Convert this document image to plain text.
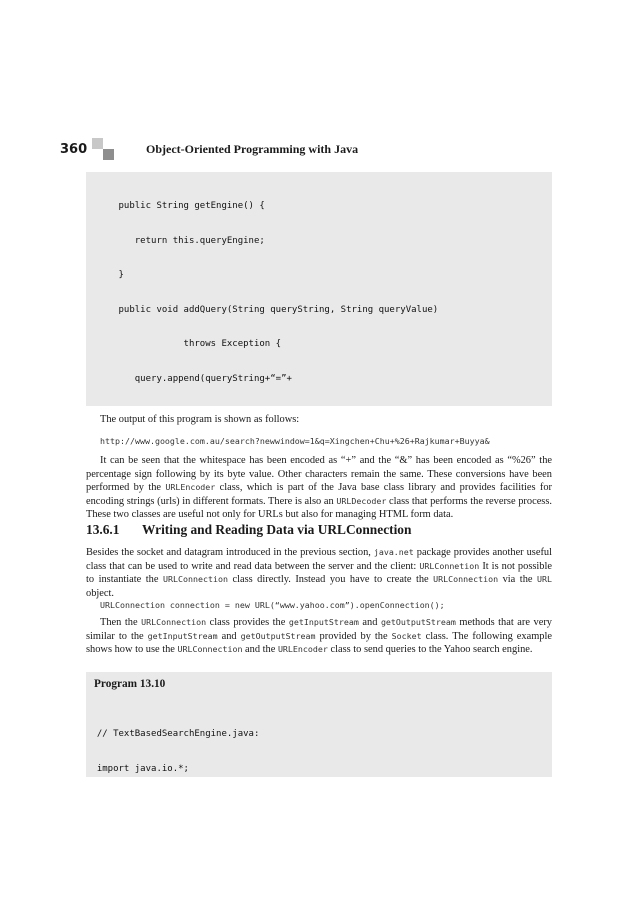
360	Object-Oriented Programming with Java

public String getEngine() {

return this.queryEngine;

}

public void addQuery(String queryString, String queryValue)

throws Exception {

query.append(queryString+“=”+

The output of this program is shown as follows:

http://www.google.com.au/search?newwindow=1&q=Xingchen+Chu+%26+Rajkumar+Buyya&

It can be seen that the whitespace has been encoded as “+” and the “&” has been encoded as “%26” the percentage sign following by its byte value. Other characters remain the same. These conversions have been performed by the URLEncoder class, which is part of the Java base class library and provides facilities for encoding strings (urls) in different formats. There is also an URLDecoder class that performs the reverse process. These two classes are useful not only for URLs but also for managing HTML form data.

13.6.1 Writing and Reading Data via URLConnection

Besides the socket and datagram introduced in the previous section, java.net package provides another useful class that can be used to write and read data between the server and the client: URLConnetion It is not possible to instantiate the URLConnection class directly. Instead you have to create the URLConnection via the URL object.

URLConnection connection = new URL(“www.yahoo.com”).openConnection();

Then the URLConnection class provides the getInputStream and getOutputStream methods that are very similar to the getInputStream and getOutputStream provided by the Socket class. The following example shows how to use the URLConnection and the URLEncoder class to send queries to the Yahoo search engine.

Program 13.10

// TextBasedSearchEngine.java:

import java.io.*;
